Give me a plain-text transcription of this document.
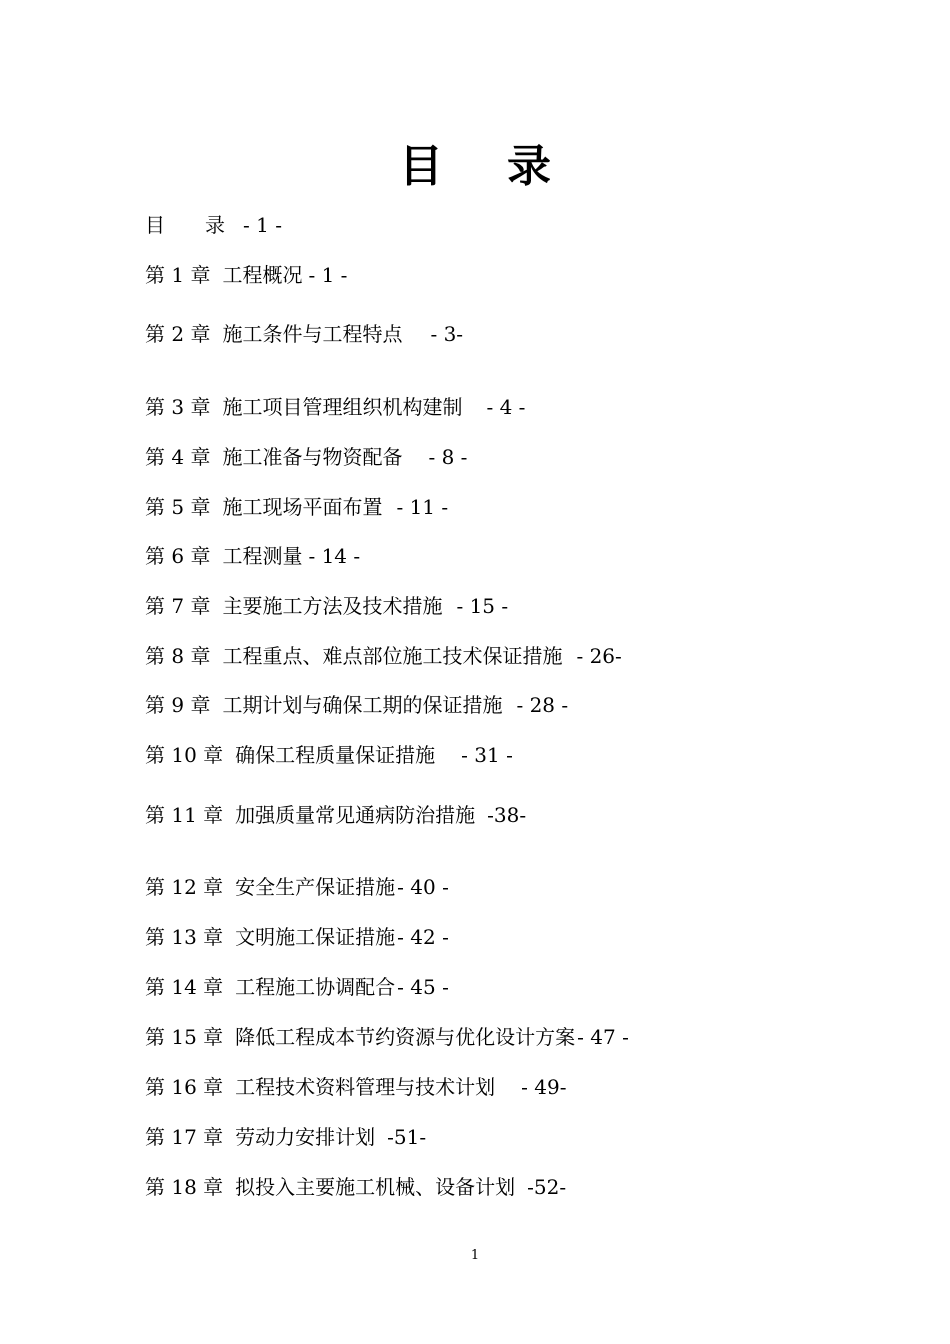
目 录
目　　录 - 1 -
第 1 章 工程概况 - 1 -
第 2 章 施工条件与工程特点 - 3-
第 3 章 施工项目管理组织机构建制 - 4 -
第 4 章 施工准备与物资配备 - 8 -
第 5 章 施工现场平面布置 - 11 -
第 6 章 工程测量 - 14 -
第 7 章 主要施工方法及技术措施 - 15 -
第 8 章 工程重点、难点部位施工技术保证措施 - 26-
第 9 章 工期计划与确保工期的保证措施 - 28 -
第 10 章 确保工程质量保证措施 - 31 -
第 11 章 加强质量常见通病防治措施 -38-
第 12 章 安全生产保证措施 - 40 -
第 13 章 文明施工保证措施 - 42 -
第 14 章 工程施工协调配合 - 45 -
第 15 章 降低工程成本节约资源与优化设计方案 - 47 -
第 16 章 工程技术资料管理与技术计划 - 49-
第 17 章 劳动力安排计划 -51-
第 18 章 拟投入主要施工机械、设备计划 -52-
1
